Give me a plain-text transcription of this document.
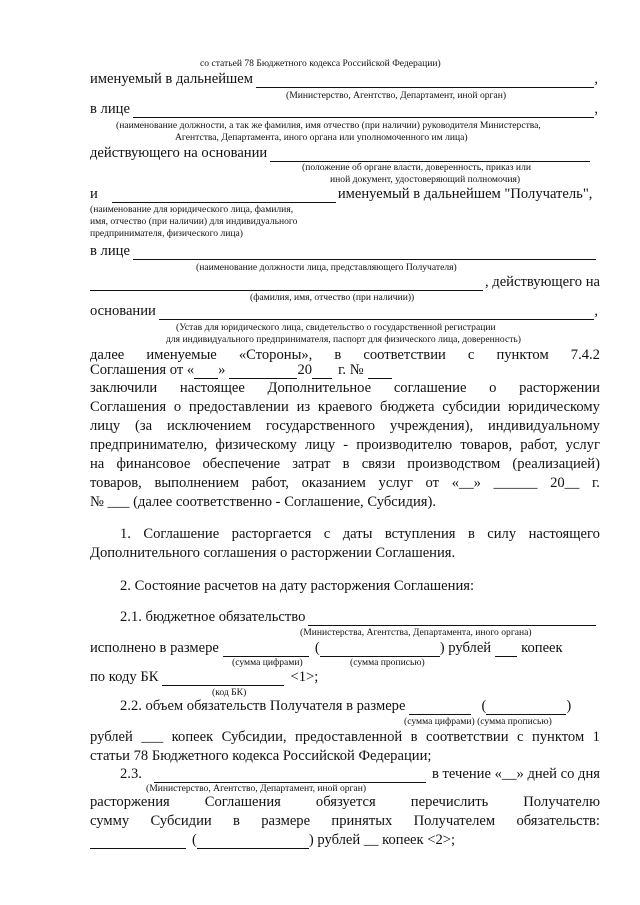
со статьей 78 Бюджетного кодекса Российской Федерации)
именуемый в дальнейшем	,
(Министерство, Агентство, Департамент, иной орган)
в лице	,
(наименование должности, а так же фамилия, имя отчество (при наличии) руководителя Министерства,
Агентства, Департамента, иного органа или уполномоченного им лица)
действующего на основании
(положение об органе власти, доверенность, приказ или
иной документ, удостоверяющий полномочия)
и	именуемый в дальнейшем "Получатель",
(наименование для юридического лица, фамилия,
имя, отчество (при наличии) для индивидуального
предпринимателя, физического лица)
в лице
(наименование должности лица, представляющего Получателя)
, действующего на
(фамилия, имя, отчество (при наличии))
основании	,
(Устав для юридического лица, свидетельство о государственной регистрации
для индивидуального предпринимателя, паспорт для физического лица, доверенность)
далее именуемые «Стороны», в соответствии с пунктом 7.4.2
Соглашения от « »	20 г. №
заключили настоящее Дополнительное соглашение о расторжении
Соглашения о предоставлении из краевого бюджета субсидии юридическому
лицу (за исключением государственного учреждения), индивидуальному
предпринимателю, физическому лицу - производителю товаров, работ, услуг
на финансовое обеспечение затрат в связи производством (реализацией)
товаров, выполнением работ, оказанием услуг от «__» ______ 20__ г.
№ ___ (далее соответственно - Соглашение, Субсидия).
1. Соглашение расторгается с даты вступления в силу настоящего
Дополнительного соглашения о расторжении Соглашения.
2. Состояние расчетов на дату расторжения Соглашения:
2.1. бюджетное обязательство
(Министерства, Агентства, Департамента, иного органа)
исполнено в размере	(	) рублей копеек
(сумма цифрами)	(сумма прописью)
по коду БК	<1>;
(код БК)
2.2. объем обязательств Получателя в размере	(	)
(сумма цифрами) (сумма прописью)
рублей ___ копеек Субсидии, предоставленной в соответствии с пунктом 1
статьи 78 Бюджетного кодекса Российской Федерации;
2.3.	в течение «__» дней со дня
(Министерство, Агентство, Департамент, иной орган)
расторжения Соглашения обязуется перечислить Получателю
сумму Субсидии в размере принятых Получателем обязательств:
(	) рублей __ копеек <2>;
